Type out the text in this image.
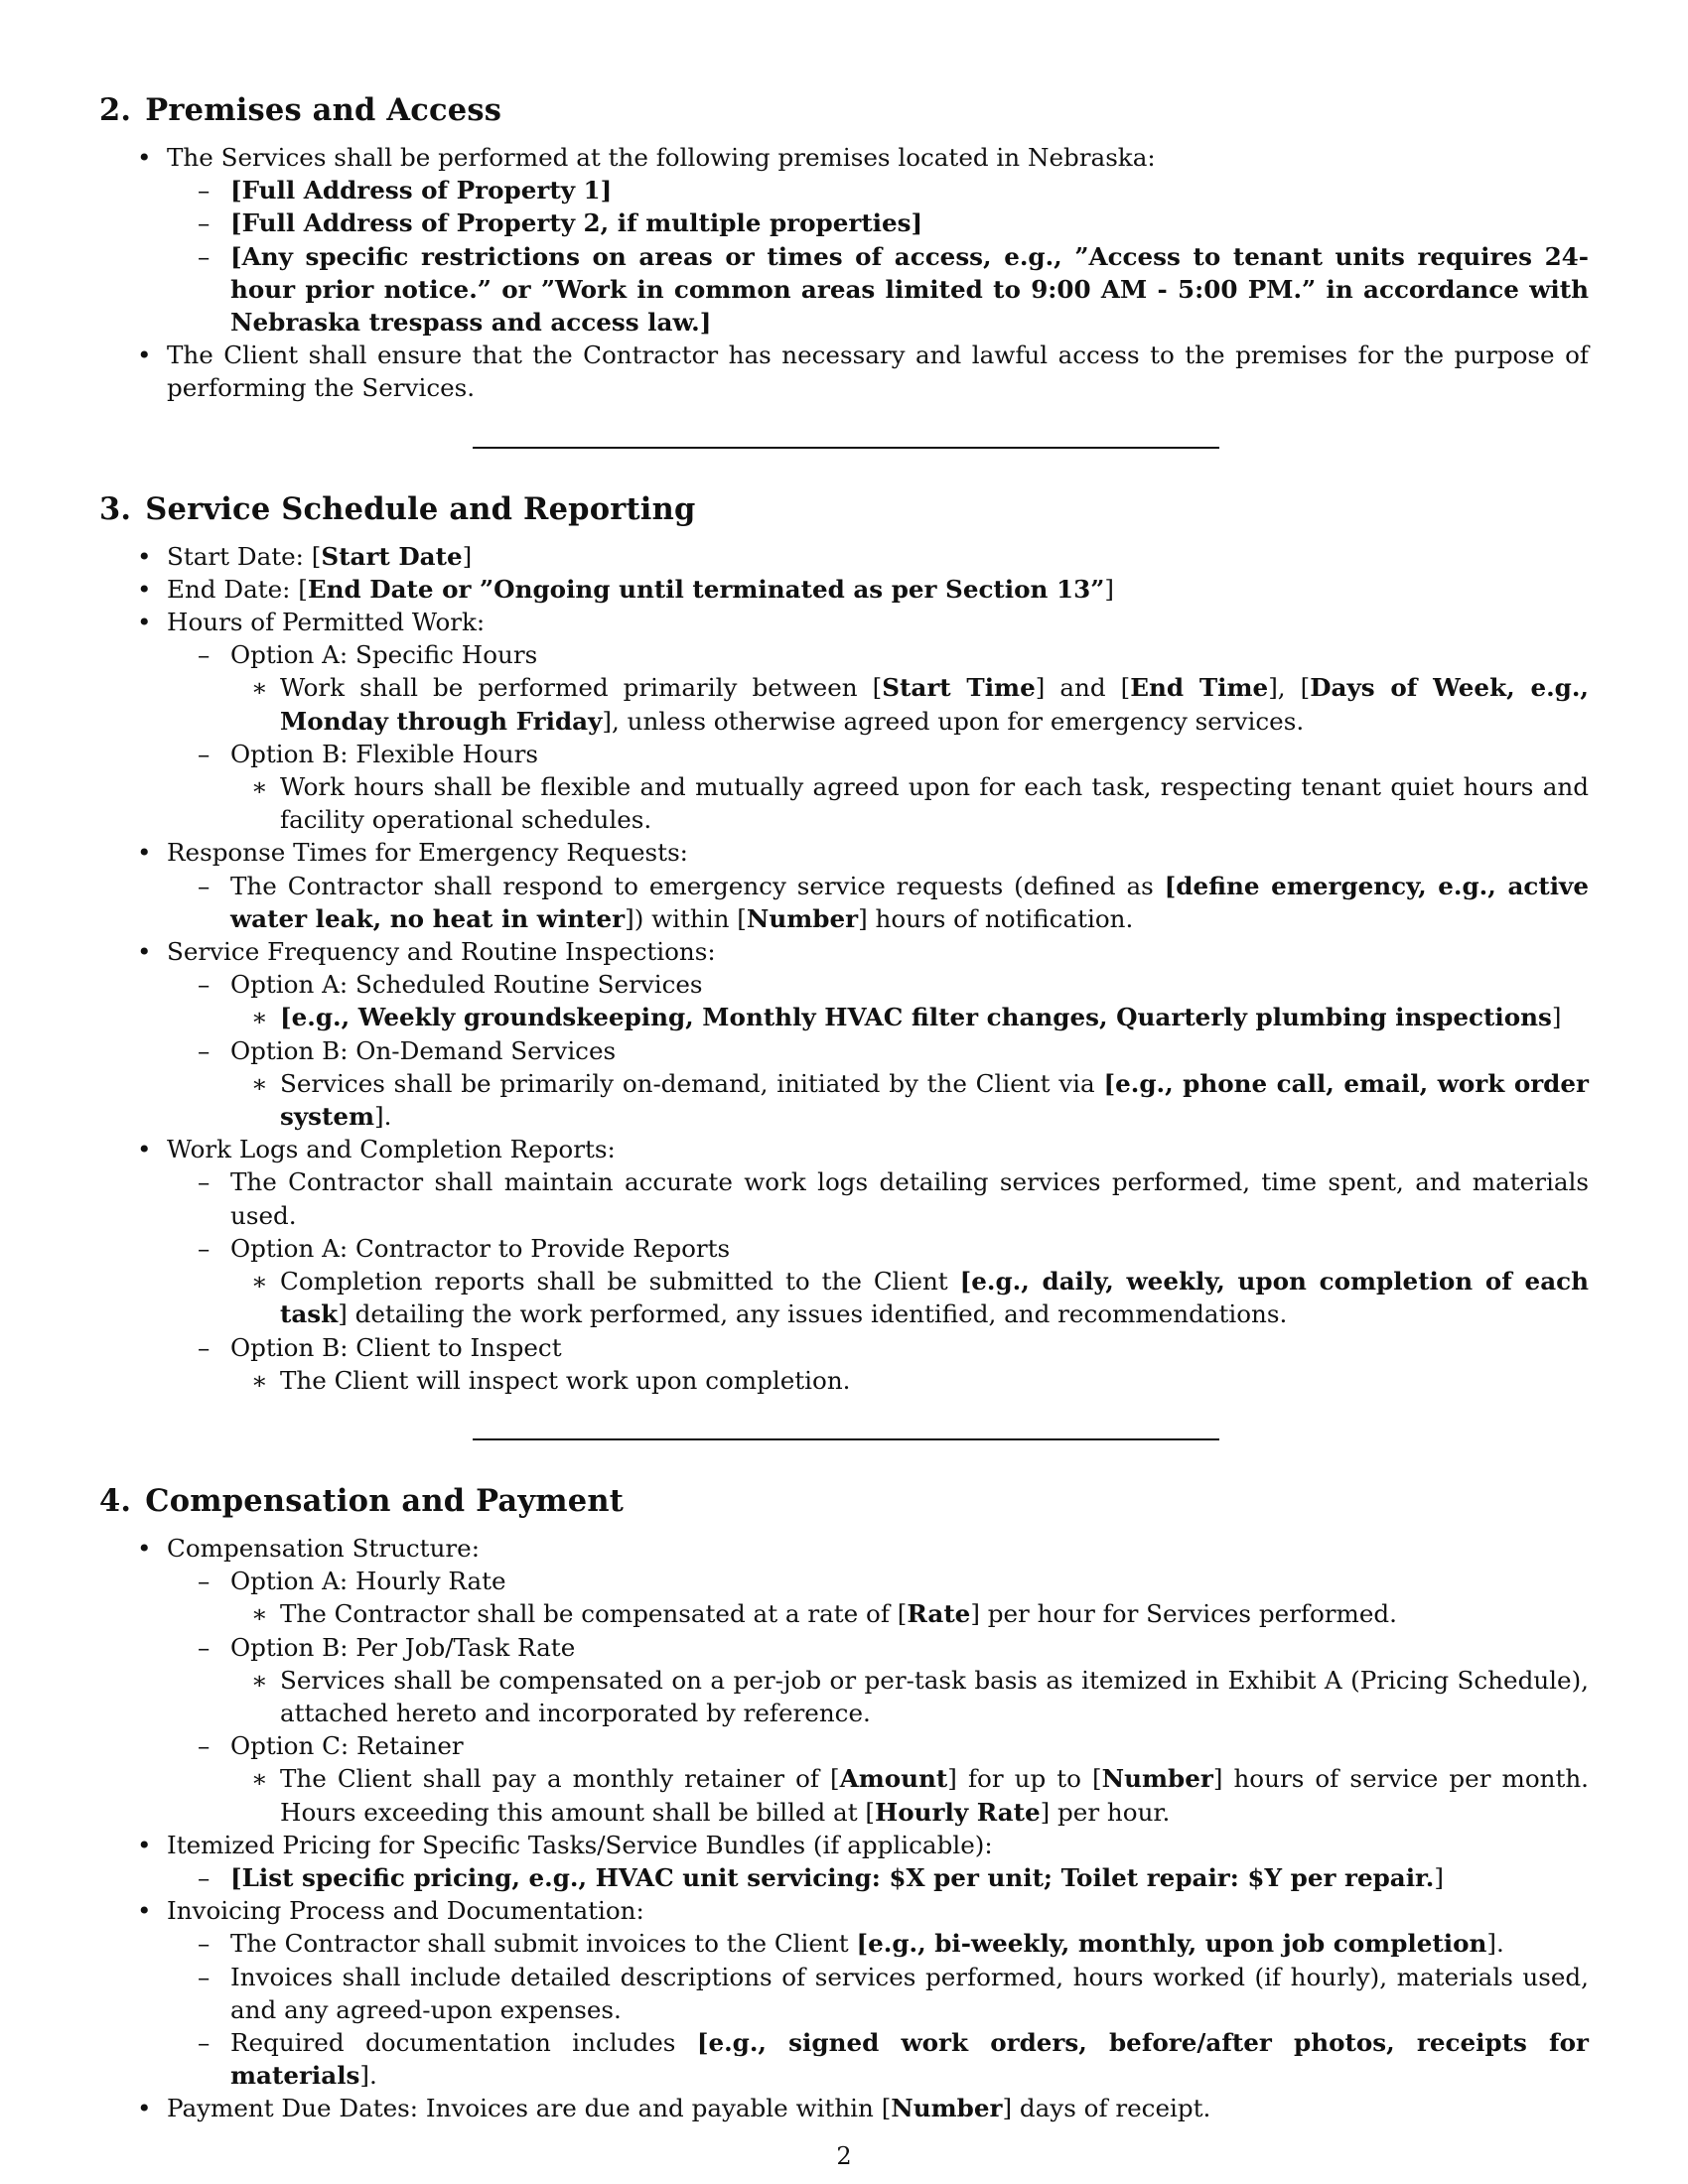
2. Premises and Access
• The Services shall be performed at the following premises located in Nebraska:
– [Full Address of Property 1]
– [Full Address of Property 2, if multiple properties]
– [Any specific restrictions on areas or times of access, e.g., ”Access to tenant units requires 24-hour prior notice.” or ”Work in common areas limited to 9:00 AM - 5:00 PM.” in accordance with Nebraska trespass and access law.]
• The Client shall ensure that the Contractor has necessary and lawful access to the premises for the purpose of performing the Services.
3. Service Schedule and Reporting
• Start Date: [Start Date]
• End Date: [End Date or ”Ongoing until terminated as per Section 13”]
• Hours of Permitted Work:
– Option A: Specific Hours
∗ Work shall be performed primarily between [Start Time] and [End Time], [Days of Week, e.g., Monday through Friday], unless otherwise agreed upon for emergency services.
– Option B: Flexible Hours
∗ Work hours shall be flexible and mutually agreed upon for each task, respecting tenant quiet hours and facility operational schedules.
• Response Times for Emergency Requests:
– The Contractor shall respond to emergency service requests (defined as [define emergency, e.g., active water leak, no heat in winter]) within [Number] hours of notification.
• Service Frequency and Routine Inspections:
– Option A: Scheduled Routine Services
∗ [e.g., Weekly groundskeeping, Monthly HVAC filter changes, Quarterly plumbing inspections]
– Option B: On-Demand Services
∗ Services shall be primarily on-demand, initiated by the Client via [e.g., phone call, email, work order system].
• Work Logs and Completion Reports:
– The Contractor shall maintain accurate work logs detailing services performed, time spent, and materials used.
– Option A: Contractor to Provide Reports
∗ Completion reports shall be submitted to the Client [e.g., daily, weekly, upon completion of each task] detailing the work performed, any issues identified, and recommendations.
– Option B: Client to Inspect
∗ The Client will inspect work upon completion.
4. Compensation and Payment
• Compensation Structure:
– Option A: Hourly Rate
∗ The Contractor shall be compensated at a rate of [Rate] per hour for Services performed.
– Option B: Per Job/Task Rate
∗ Services shall be compensated on a per-job or per-task basis as itemized in Exhibit A (Pricing Schedule), attached hereto and incorporated by reference.
– Option C: Retainer
∗ The Client shall pay a monthly retainer of [Amount] for up to [Number] hours of service per month. Hours exceeding this amount shall be billed at [Hourly Rate] per hour.
• Itemized Pricing for Specific Tasks/Service Bundles (if applicable):
– [List specific pricing, e.g., HVAC unit servicing: $X per unit; Toilet repair: $Y per repair.]
• Invoicing Process and Documentation:
– The Contractor shall submit invoices to the Client [e.g., bi-weekly, monthly, upon job completion].
– Invoices shall include detailed descriptions of services performed, hours worked (if hourly), materials used, and any agreed-upon expenses.
– Required documentation includes [e.g., signed work orders, before/after photos, receipts for materials].
• Payment Due Dates: Invoices are due and payable within [Number] days of receipt.
2
